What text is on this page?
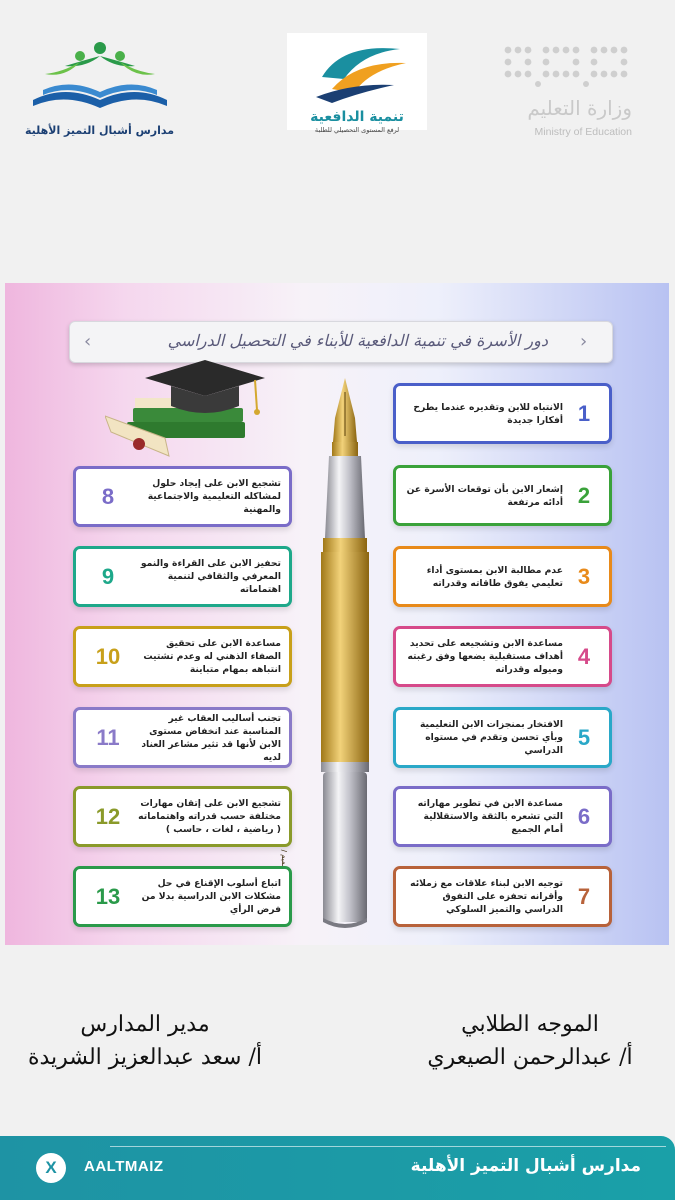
مدارس أشبال التميز الأهلية
تنمية الدافعية
لرفع المستوى التحصيلي للطلبة
وزارة التعليم
Ministry of Education
‹	دور الأسرة في تنمية الدافعية للأبناء في التحصيل الدراسي ›
1
الانتباه للابن وتقديره عندما يطرح أفكارا جديدة
2
إشعار الابن بأن توقعات الأسرة عن أدائه مرتفعة
3
عدم مطالبة الابن بمستوى أداء تعليمي يفوق طاقاته وقدراته
4
مساعدة الابن وتشجيعه على تحديد أهداف مستقبلية يضعها وفق رغبته وميوله وقدراته
5
الافتخار بمنجزات الابن التعليمية وبأي تحسن وتقدم في مستواه الدراسي
6
مساعدة الابن في تطوير مهاراته التي تشعره بالثقة والاستقلالية أمام الجميع
7
توجيه الابن لبناء علاقات مع زملائه وأقرانه تحفزه على التفوق الدراسي والتميز السلوكي
8
تشجيع الابن على إيجاد حلول لمشاكله التعليمية والاجتماعية والمهنية
9
تحفيز الابن على القراءة والنمو المعرفي والثقافي لتنمية اهتماماته
10
مساعدة الابن على تحقيق الصفاء الذهني له وعدم تشتيت انتباهه بمهام متباينة
11
تجنب أساليب العقاب غير المناسبة عند انخفاض مستوى الابن لأنها قد تثير مشاعر العناد لديه
12
تشجيع الابن على إتقان مهارات مختلفة حسب قدراته واهتماماته ( رياضية ، لغات ، حاسب )
13
اتباع أسلوب الإقناع في حل مشكلات الابن الدراسية بدلا من فرض الرأي
الموجه الطلابي
أ/ عبدالرحمن الصيعري
مدير المدارس
أ/ سعد عبدالعزيز الشريدة
X	AALTMAIZ	مدارس أشبال التميز الأهلية
